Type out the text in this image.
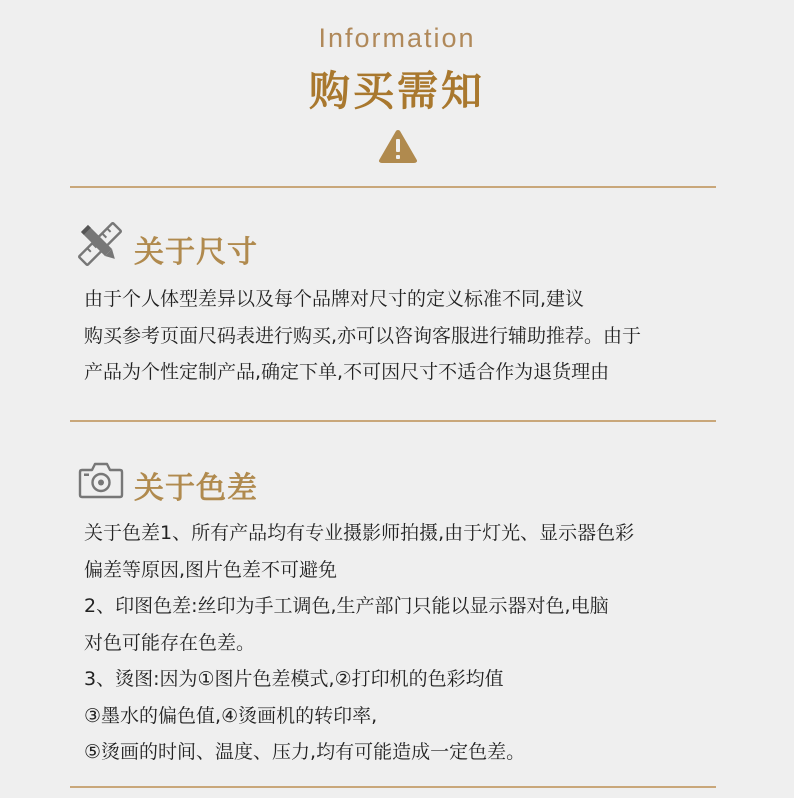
Information
购买需知
关于尺寸
由于个人体型差异以及每个品牌对尺寸的定义标准不同,建议
购买参考页面尺码表进行购买,亦可以咨询客服进行辅助推荐。由于
产品为个性定制产品,确定下单,不可因尺寸不适合作为退货理由
关于色差
关于色差1、所有产品均有专业摄影师拍摄,由于灯光、显示器色彩
偏差等原因,图片色差不可避免
2、印图色差:丝印为手工调色,生产部门只能以显示器对色,电脑
对色可能存在色差。
3、烫图:因为①图片色差模式,②打印机的色彩均值
③墨水的偏色值,④烫画机的转印率,
⑤烫画的时间、温度、压力,均有可能造成一定色差。
